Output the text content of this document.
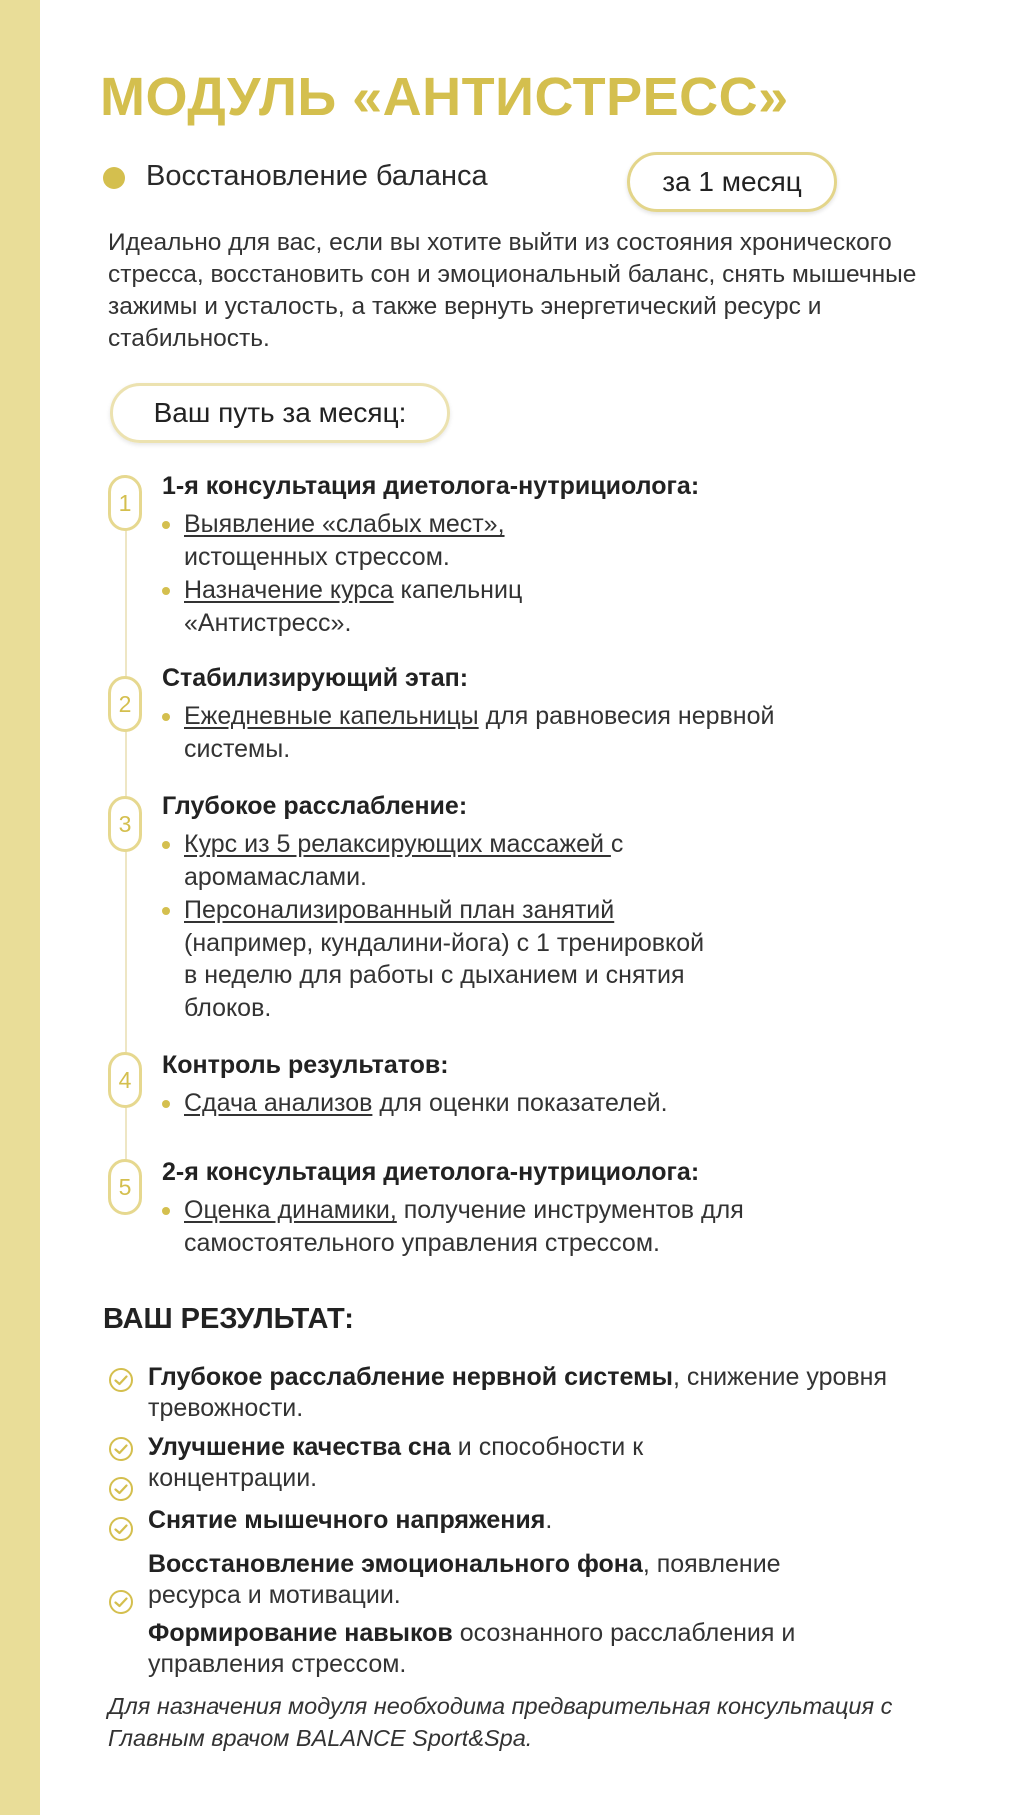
МОДУЛЬ «АНТИСТРЕСС»
Восстановление баланса	за 1 месяц

Идеально для вас, если вы хотите выйти из состояния хронического стресса, восстановить сон и эмоциональный баланс, снять мышечные зажимы и усталость, а также вернуть энергетический ресурс и стабильность.

Ваш путь за месяц:
1
1-я консультация диетолога-нутрициолога:
Выявление «слабых мест», истощенных стрессом.
Назначение курса капельниц «Антистресс».
2
Стабилизирующий этап:
Ежедневные капельницы для равновесия нервной системы.
3
Глубокое расслабление:
Курс из 5 релаксирующих массажей с аромамаслами.
Персонализированный план занятий (например, кундалини-йога) с 1 тренировкой в неделю для работы с дыханием и снятия блоков.
4
Контроль результатов:
Сдача анализов для оценки показателей.
5
2-я консультация диетолога-нутрициолога:
Оценка динамики, получение инструментов для самостоятельного управления стрессом.
ВАШ РЕЗУЛЬТАТ:

Глубокое расслабление нервной системы, снижение уровня тревожности.

Улучшение качества сна и способности к концентрации.

Снятие мышечного напряжения.

Восстановление эмоционального фона, появление ресурса и мотивации.

Формирование навыков осознанного расслабления и управления стрессом.

Для назначения модуля необходима предварительная консультация с Главным врачом BALANCE Sport&Spa.
